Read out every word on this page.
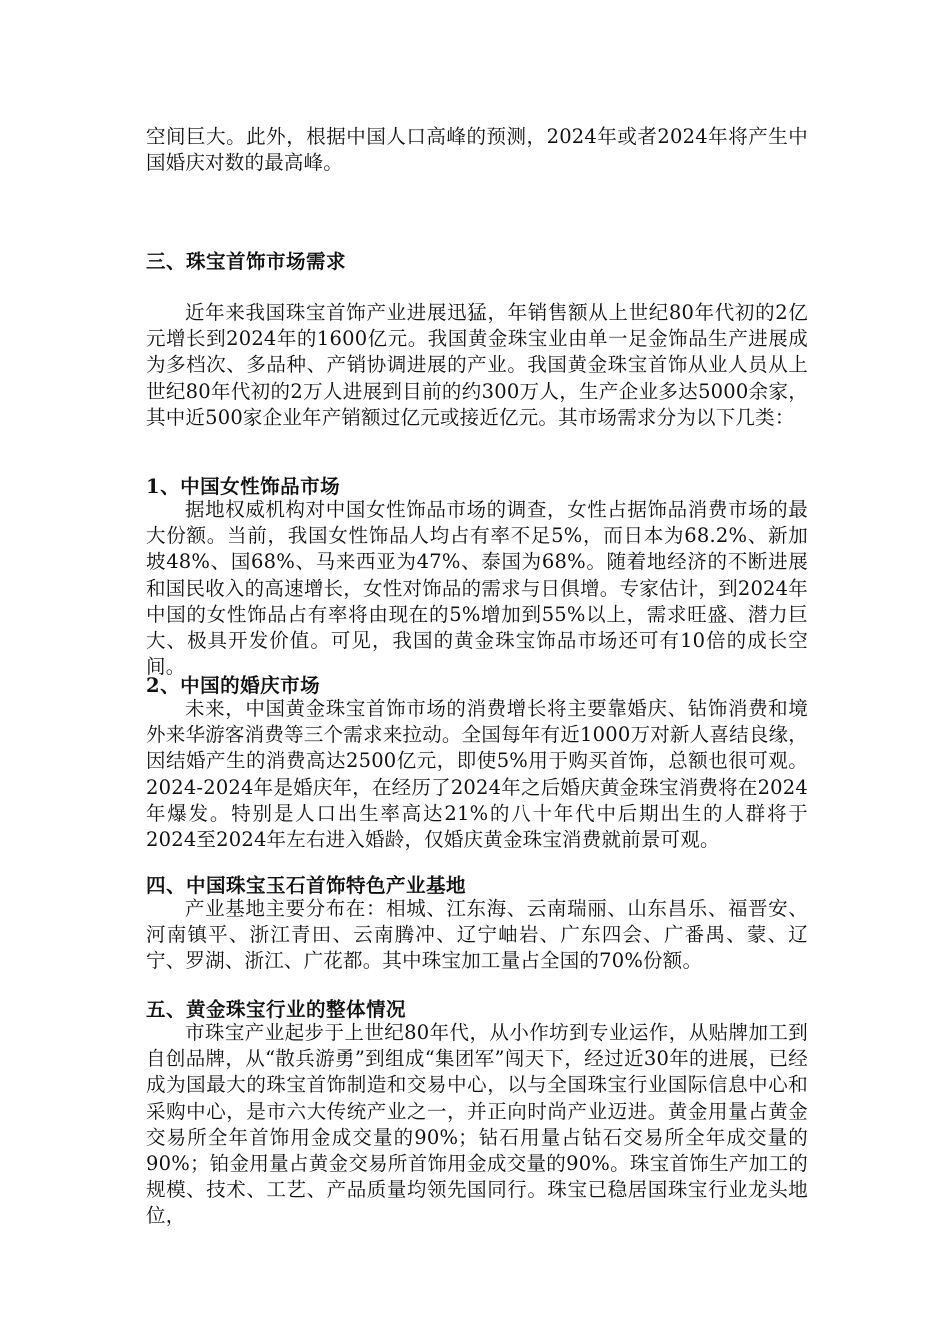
空间巨大。此外，根据中国人口高峰的预测，2024年或者2024年将产生中国婚庆对数的最高峰。

三、珠宝首饰市场需求

近年来我国珠宝首饰产业进展迅猛，年销售额从上世纪80年代初的2亿元增长到2024年的1600亿元。我国黄金珠宝业由单一足金饰品生产进展成为多档次、多品种、产销协调进展的产业。我国黄金珠宝首饰从业人员从上世纪80年代初的2万人进展到目前的约300万人，生产企业多达5000余家，其中近500家企业年产销额过亿元或接近亿元。其市场需求分为以下几类：

1、中国女性饰品市场

据地权威机构对中国女性饰品市场的调查，女性占据饰品消费市场的最大份额。当前，我国女性饰品人均占有率不足5%，而日本为68.2%、新加坡48%、国68%、马来西亚为47%、泰国为68%。随着地经济的不断进展和国民收入的高速增长，女性对饰品的需求与日俱增。专家估计，到2024年中国的女性饰品占有率将由现在的5%增加到55%以上，需求旺盛、潜力巨大、极具开发价值。可见，我国的黄金珠宝饰品市场还可有10倍的成长空间。

2、中国的婚庆市场

未来，中国黄金珠宝首饰市场的消费增长将主要靠婚庆、钻饰消费和境外来华游客消费等三个需求来拉动。全国每年有近1000万对新人喜结良缘，因结婚产生的消费高达2500亿元，即使5%用于购买首饰，总额也很可观。2024-2024年是婚庆年，在经历了2024年之后婚庆黄金珠宝消费将在2024年爆发。特别是人口出生率高达21%的八十年代中后期出生的人群将于2024至2024年左右进入婚龄，仅婚庆黄金珠宝消费就前景可观。

四、中国珠宝玉石首饰特色产业基地

产业基地主要分布在：相城、江东海、云南瑞丽、山东昌乐、福晋安、河南镇平、浙江青田、云南腾冲、辽宁岫岩、广东四会、广番禺、蒙、辽宁、罗湖、浙江、广花都。其中珠宝加工量占全国的70%份额。

五、黄金珠宝行业的整体情况

市珠宝产业起步于上世纪80年代，从小作坊到专业运作，从贴牌加工到自创品牌，从“散兵游勇”到组成“集团军”闯天下，经过近30年的进展，已经成为国最大的珠宝首饰制造和交易中心，以与全国珠宝行业国际信息中心和采购中心，是市六大传统产业之一，并正向时尚产业迈进。黄金用量占黄金交易所全年首饰用金成交量的90%；钻石用量占钻石交易所全年成交量的90%；铂金用量占黄金交易所首饰用金成交量的90%。珠宝首饰生产加工的规模、技术、工艺、产品质量均领先国同行。珠宝已稳居国珠宝行业龙头地位，
